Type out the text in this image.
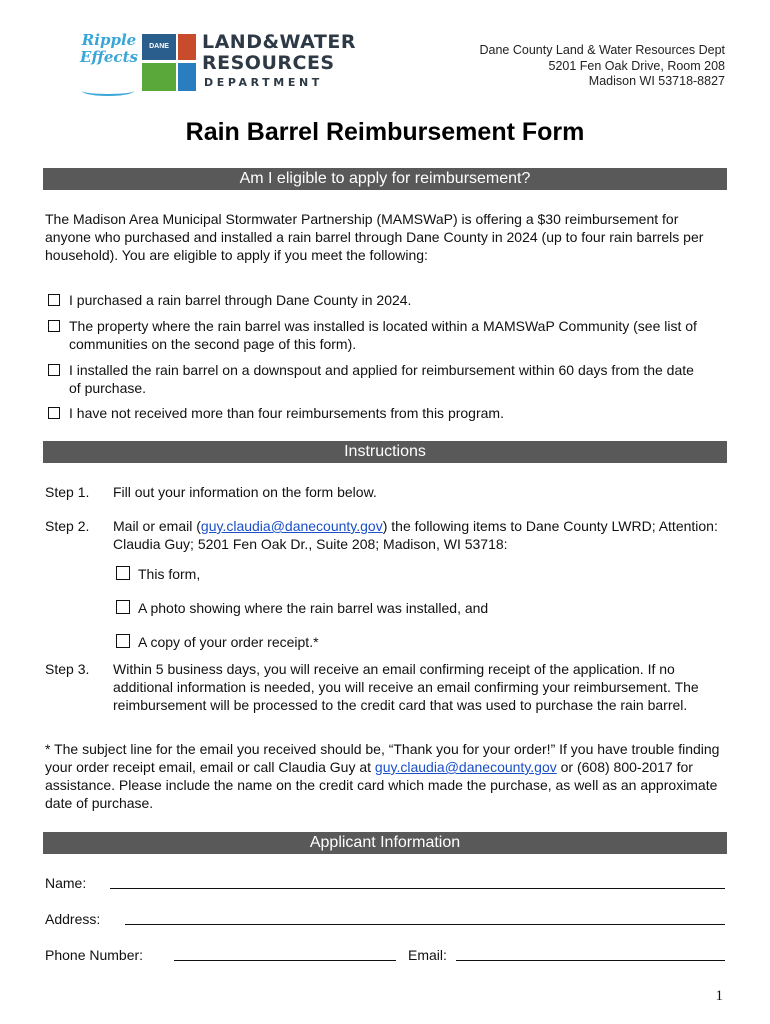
Ripple Effects
DANE	LAND&WATER
RESOURCES
DEPARTMENT
Dane County Land & Water Resources Dept
5201 Fen Oak Drive, Room 208
Madison WI 53718-8827
Rain Barrel Reimbursement Form
Am I eligible to apply for reimbursement?
The Madison Area Municipal Stormwater Partnership (MAMSWaP) is offering a $30 reimbursement for anyone who purchased and installed a rain barrel through Dane County in 2024 (up to four rain barrels per household). You are eligible to apply if you meet the following:
I purchased a rain barrel through Dane County in 2024.
The property where the rain barrel was installed is located within a MAMSWaP Community (see list of communities on the second page of this form).
I installed the rain barrel on a downspout and applied for reimbursement within 60 days from the date of purchase.
I have not received more than four reimbursements from this program.
Instructions
Step 1. Fill out your information on the form below.
Step 2. Mail or email (guy.claudia@danecounty.gov) the following items to Dane County LWRD; Attention: Claudia Guy; 5201 Fen Oak Dr., Suite 208; Madison, WI 53718:
This form,
A photo showing where the rain barrel was installed, and
A copy of your order receipt.*
Step 3. Within 5 business days, you will receive an email confirming receipt of the application. If no additional information is needed, you will receive an email confirming your reimbursement. The reimbursement will be processed to the credit card that was used to purchase the rain barrel.
* The subject line for the email you received should be, “Thank you for your order!” If you have trouble finding your order receipt email, email or call Claudia Guy at guy.claudia@danecounty.gov or (608) 800-2017 for assistance. Please include the name on the credit card which made the purchase, as well as an approximate date of purchase.
Applicant Information
Name:
Address:
Phone Number:	Email:
1
